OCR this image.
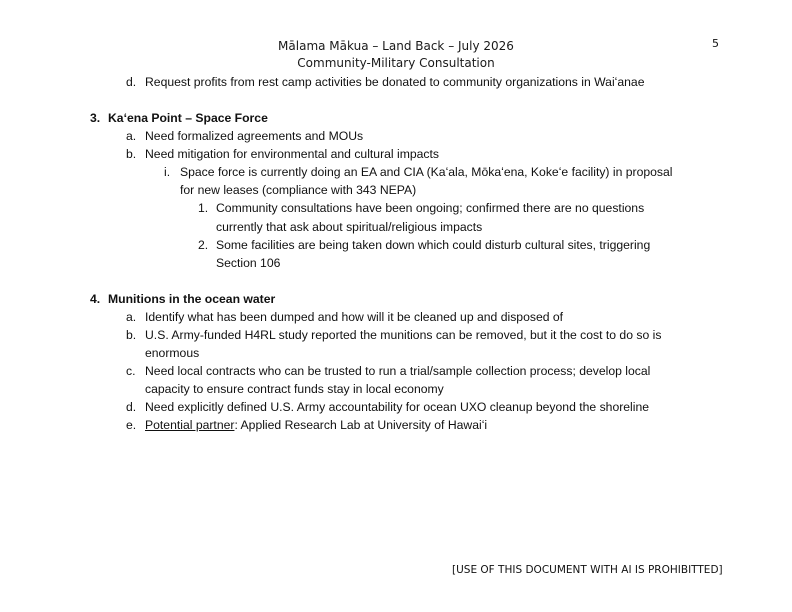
Mālama Mākua – Land Back – July 2026
Community-Military Consultation
5
d. Request profits from rest camp activities be donated to community organizations in Waiʻanae
3. Kaʻena Point – Space Force
a. Need formalized agreements and MOUs
b. Need mitigation for environmental and cultural impacts
i. Space force is currently doing an EA and CIA (Kaʻala, Mōkaʻena, Kokeʻe facility) in proposal
for new leases (compliance with 343 NEPA)
1. Community consultations have been ongoing; confirmed there are no questions
currently that ask about spiritual/religious impacts
2. Some facilities are being taken down which could disturb cultural sites, triggering
Section 106
4. Munitions in the ocean water
a. Identify what has been dumped and how will it be cleaned up and disposed of
b. U.S. Army-funded H4RL study reported the munitions can be removed, but it the cost to do so is
enormous
c. Need local contracts who can be trusted to run a trial/sample collection process; develop local
capacity to ensure contract funds stay in local economy
d. Need explicitly defined U.S. Army accountability for ocean UXO cleanup beyond the shoreline
e. Potential partner: Applied Research Lab at University of Hawaiʻi
[USE OF THIS DOCUMENT WITH AI IS PROHIBITTED]
